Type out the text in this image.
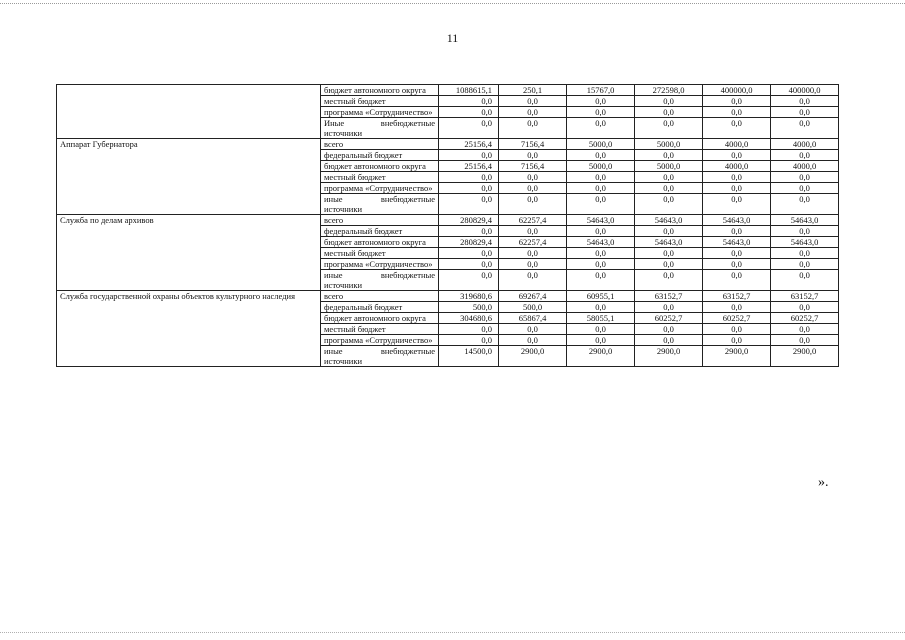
11
	бюджет автономного округа	1088615,1	250,1	15767,0	272598,0	400000,0	400000,0
	местный бюджет	0,0	0,0	0,0	0,0	0,0	0,0
	программа «Сотрудничество»	0,0	0,0	0,0	0,0	0,0	0,0
	Иные внебюджетные источники	0,0	0,0	0,0	0,0	0,0	0,0
Аппарат Губернатора	всего	25156,4	7156,4	5000,0	5000,0	4000,0	4000,0
	федеральный бюджет	0,0	0,0	0,0	0,0	0,0	0,0
	бюджет автономного округа	25156,4	7156,4	5000,0	5000,0	4000,0	4000,0
	местный бюджет	0,0	0,0	0,0	0,0	0,0	0,0
	программа «Сотрудничество»	0,0	0,0	0,0	0,0	0,0	0,0
	иные внебюджетные источники	0,0	0,0	0,0	0,0	0,0	0,0
Служба по делам архивов	всего	280829,4	62257,4	54643,0	54643,0	54643,0	54643,0
	федеральный бюджет	0,0	0,0	0,0	0,0	0,0	0,0
	бюджет автономного округа	280829,4	62257,4	54643,0	54643,0	54643,0	54643,0
	местный бюджет	0,0	0,0	0,0	0,0	0,0	0,0
	программа «Сотрудничество»	0,0	0,0	0,0	0,0	0,0	0,0
	иные внебюджетные источники	0,0	0,0	0,0	0,0	0,0	0,0
Служба государственной охраны объектов культурного наследия	всего	319680,6	69267,4	60955,1	63152,7	63152,7	63152,7
	федеральный бюджет	500,0	500,0	0,0	0,0	0,0	0,0
	бюджет автономного округа	304680,6	65867,4	58055,1	60252,7	60252,7	60252,7
	местный бюджет	0,0	0,0	0,0	0,0	0,0	0,0
	программа «Сотрудничество»	0,0	0,0	0,0	0,0	0,0	0,0
	иные внебюджетные источники	14500,0	2900,0	2900,0	2900,0	2900,0	2900,0
».
